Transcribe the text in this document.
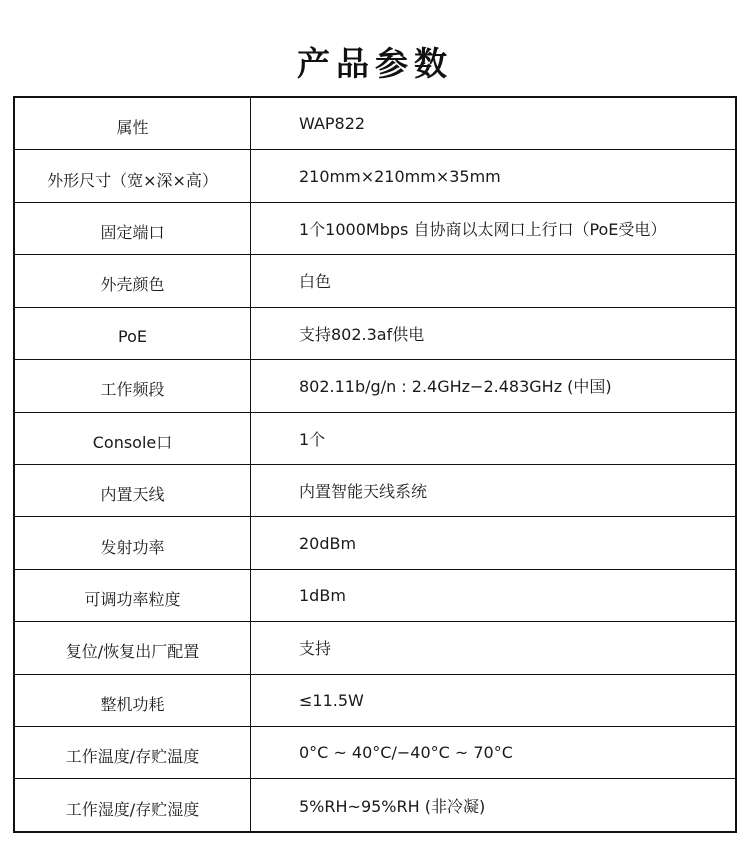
产品参数
属性	WAP822
外形尺寸（宽×深×高）	210mm×210mm×35mm
固定端口	1个1000Mbps 自协商以太网口上行口（PoE受电）
外壳颜色	白色
PoE	支持802.3af供电
工作频段	802.11b/g/n : 2.4GHz−2.483GHz (中国)
Console口	1个
内置天线	内置智能天线系统
发射功率	20dBm
可调功率粒度	1dBm
复位/恢复出厂配置	支持
整机功耗	≤11.5W
工作温度/存贮温度	0°C ~ 40°C/−40°C ~ 70°C
工作湿度/存贮湿度	5%RH~95%RH (非冷凝)
